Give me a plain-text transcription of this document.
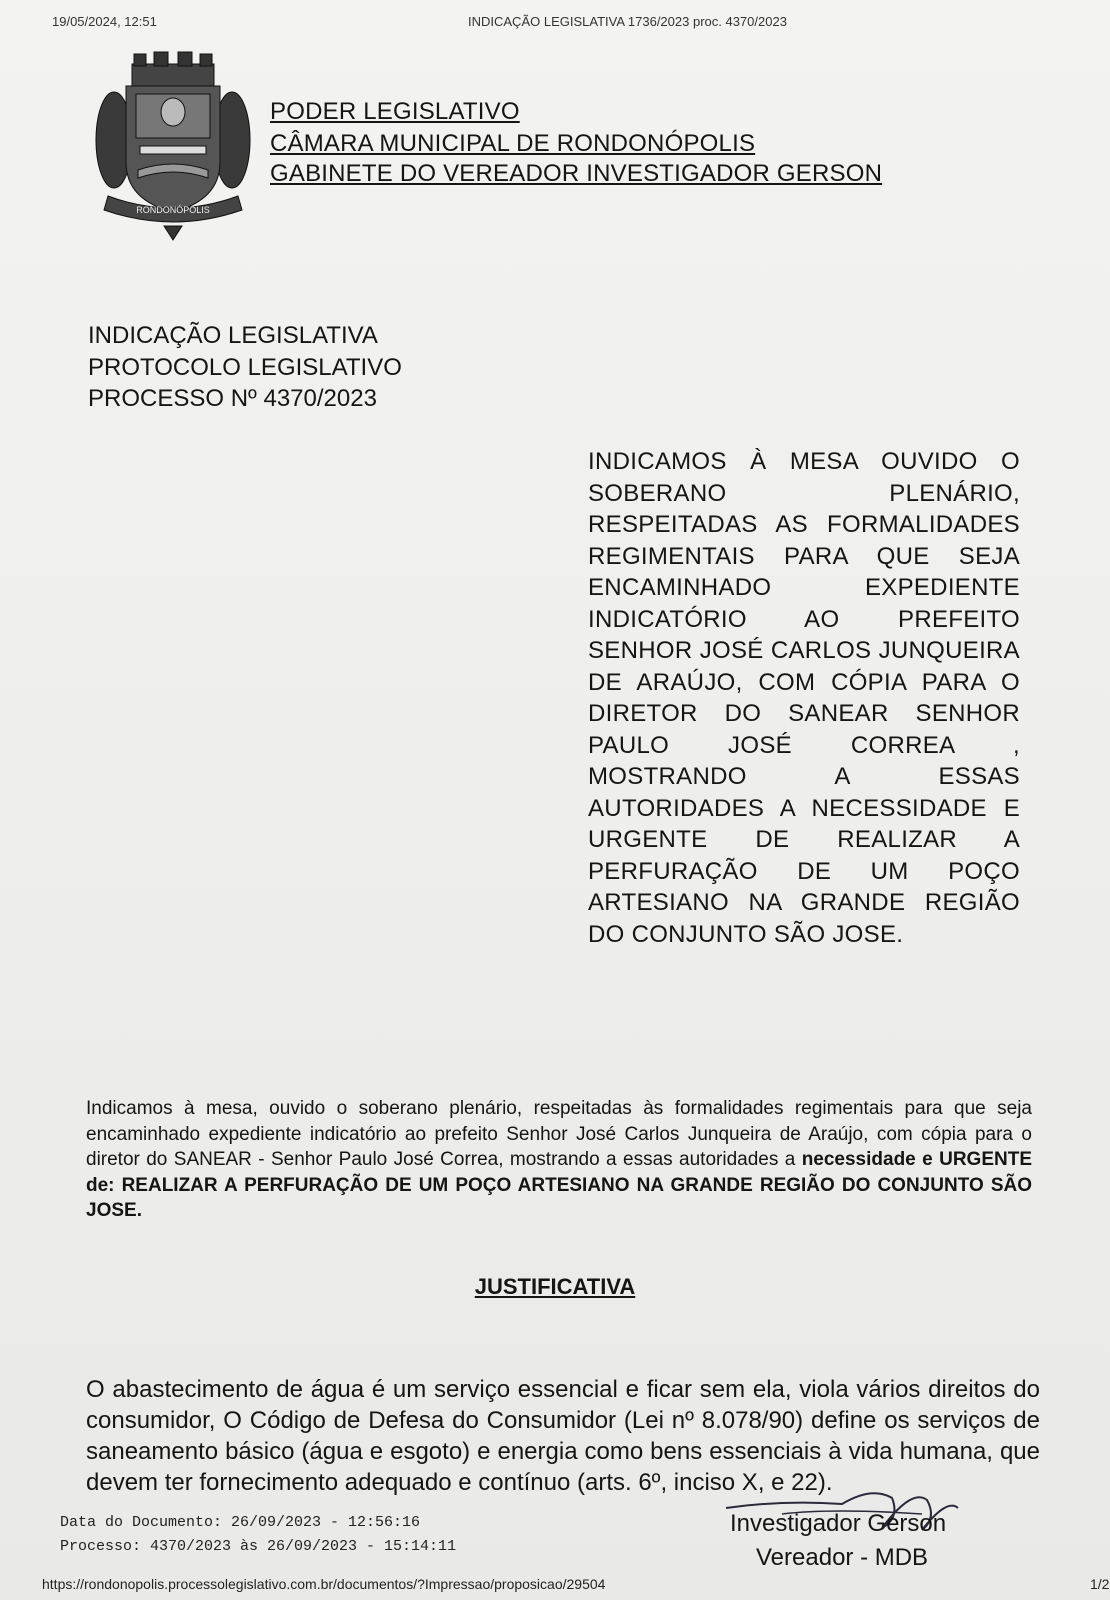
19/05/2024, 12:51	INDICAÇÃO LEGISLATIVA 1736/2023 proc. 4370/2023
RONDONÓPOLIS
PODER LEGISLATIVO
CÂMARA MUNICIPAL DE RONDONÓPOLIS
GABINETE DO VEREADOR INVESTIGADOR GERSON
INDICAÇÃO LEGISLATIVA
PROTOCOLO LEGISLATIVO
PROCESSO Nº 4370/2023
INDICAMOS À MESA OUVIDO O SOBERANO PLENÁRIO, RESPEITADAS AS FORMALIDADES REGIMENTAIS PARA QUE SEJA ENCAMINHADO EXPEDIENTE INDICATÓRIO AO PREFEITO SENHOR JOSÉ CARLOS JUNQUEIRA DE ARAÚJO, COM CÓPIA PARA O DIRETOR DO SANEAR SENHOR PAULO JOSÉ CORREA , MOSTRANDO A ESSAS AUTORIDADES A NECESSIDADE E URGENTE DE REALIZAR A PERFURAÇÃO DE UM POÇO ARTESIANO NA GRANDE REGIÃO DO CONJUNTO SÃO JOSE.
Indicamos à mesa, ouvido o soberano plenário, respeitadas às formalidades regimentais para que seja encaminhado expediente indicatório ao prefeito Senhor José Carlos Junqueira de Araújo, com cópia para o diretor do SANEAR - Senhor Paulo José Correa, mostrando a essas autoridades a necessidade e URGENTE de: REALIZAR A PERFURAÇÃO DE UM POÇO ARTESIANO NA GRANDE REGIÃO DO CONJUNTO SÃO JOSE.
JUSTIFICATIVA
O abastecimento de água é um serviço essencial e ficar sem ela, viola vários direitos do consumidor, O Código de Defesa do Consumidor (Lei nº 8.078/90) define os serviços de saneamento básico (água e esgoto) e energia como bens essenciais à vida humana, que devem ter fornecimento adequado e contínuo (arts. 6º, inciso X, e 22).
Data do Documento: 26/09/2023 - 12:56:16
Processo: 4370/2023 às 26/09/2023 - 15:14:11
Investigador Gerson
Vereador - MDB
https://rondonopolis.processolegislativo.com.br/documentos/?Impressao/proposicao/29504	1/2
